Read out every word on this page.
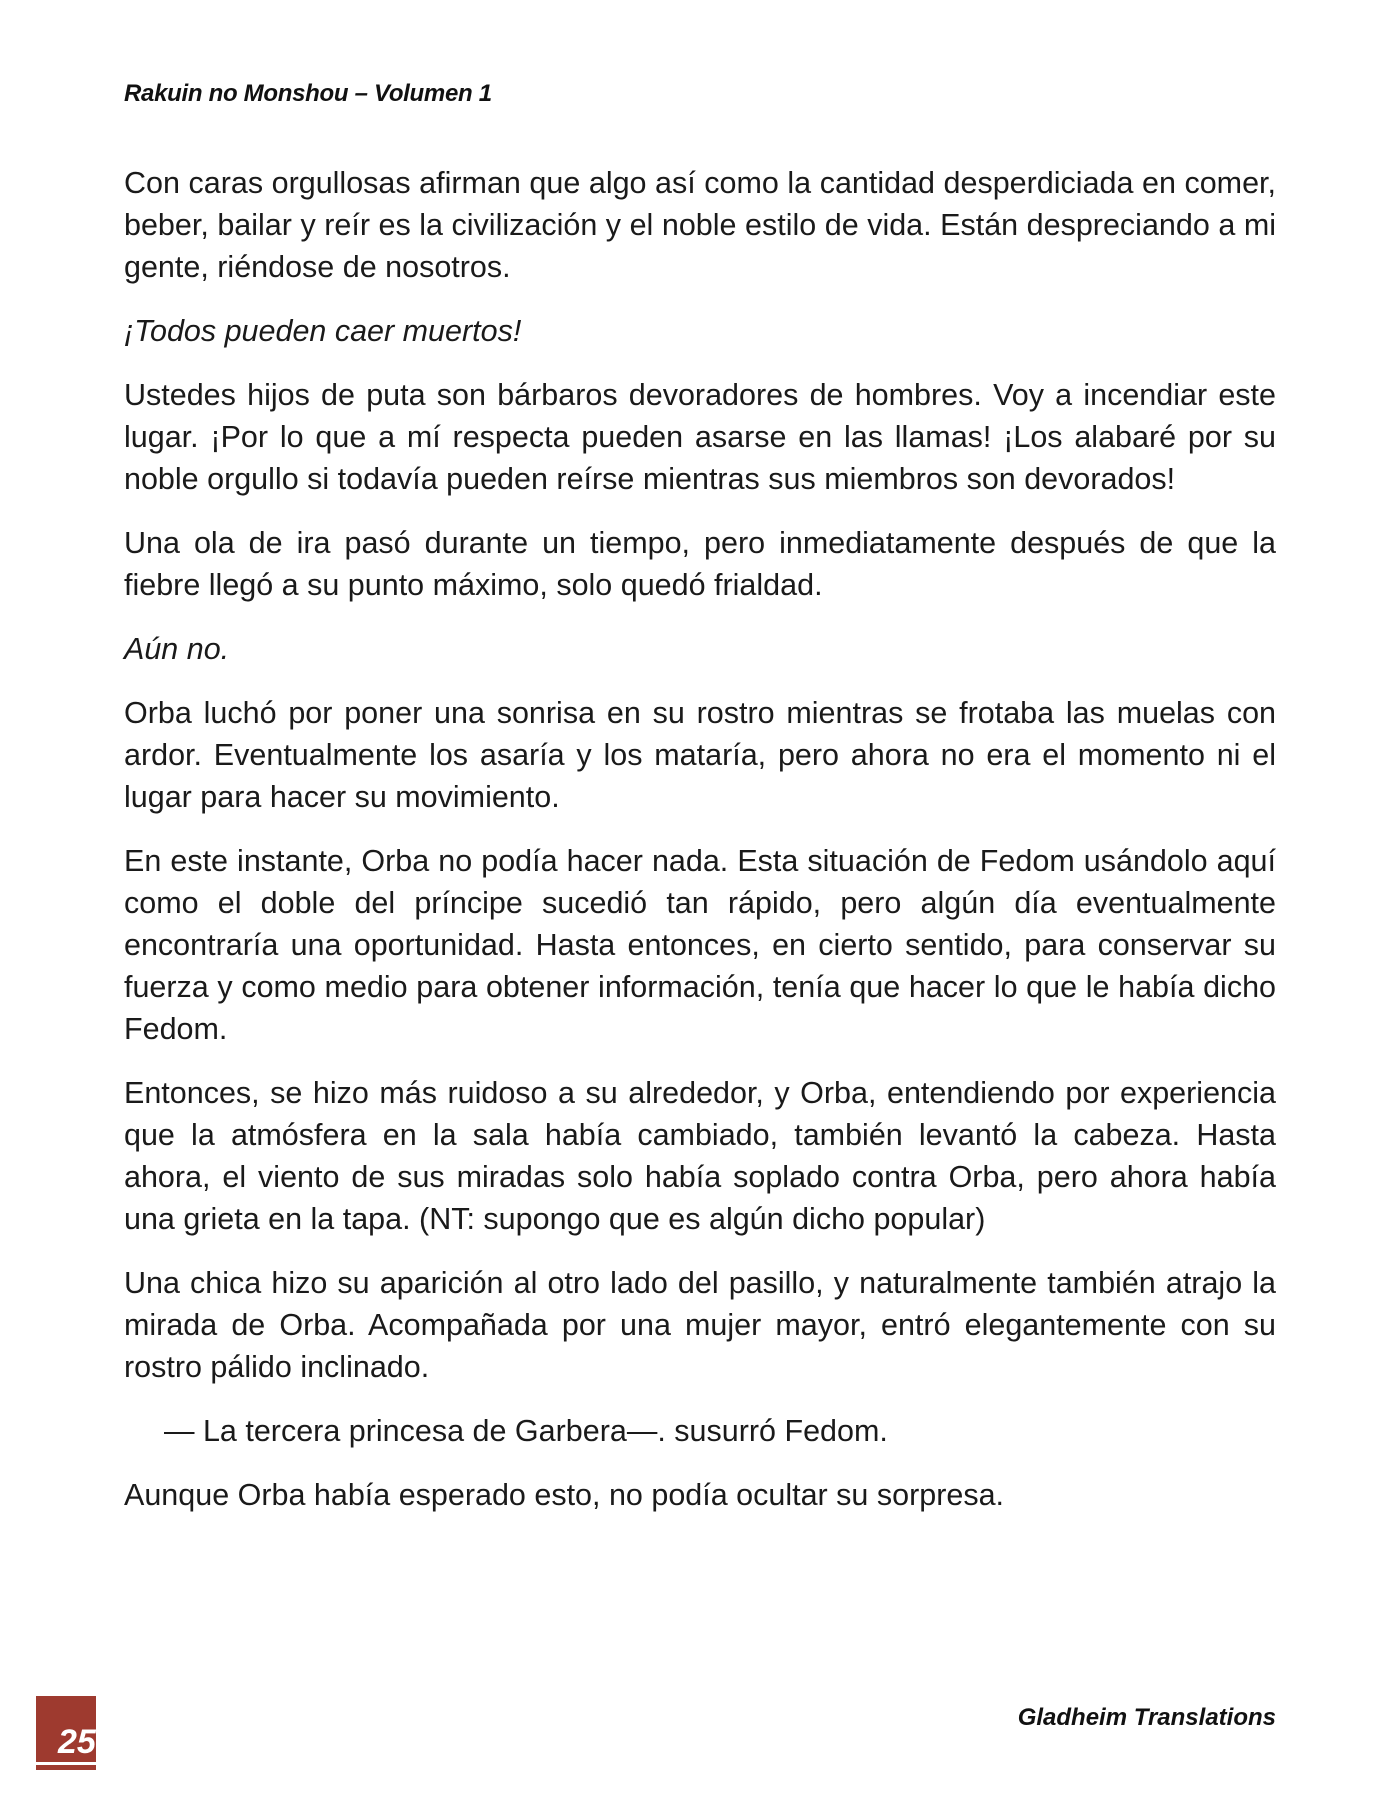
Rakuin no Monshou – Volumen 1

Con caras orgullosas afirman que algo así como la cantidad desperdiciada en comer, beber, bailar y reír es la civilización y el noble estilo de vida. Están despreciando a mi gente, riéndose de nosotros.

¡Todos pueden caer muertos!

Ustedes hijos de puta son bárbaros devoradores de hombres. Voy a incendiar este lugar. ¡Por lo que a mí respecta pueden asarse en las llamas! ¡Los alabaré por su noble orgullo si todavía pueden reírse mientras sus miembros son devorados!

Una ola de ira pasó durante un tiempo, pero inmediatamente después de que la fiebre llegó a su punto máximo, solo quedó frialdad.

Aún no.

Orba luchó por poner una sonrisa en su rostro mientras se frotaba las muelas con ardor. Eventualmente los asaría y los mataría, pero ahora no era el momento ni el lugar para hacer su movimiento.

En este instante, Orba no podía hacer nada. Esta situación de Fedom usándolo aquí como el doble del príncipe sucedió tan rápido, pero algún día eventualmente encontraría una oportunidad. Hasta entonces, en cierto sentido, para conservar su fuerza y como medio para obtener información, tenía que hacer lo que le había dicho Fedom.

Entonces, se hizo más ruidoso a su alrededor, y Orba, entendiendo por experiencia que la atmósfera en la sala había cambiado, también levantó la cabeza. Hasta ahora, el viento de sus miradas solo había soplado contra Orba, pero ahora había una grieta en la tapa. (NT: supongo que es algún dicho popular)

Una chica hizo su aparición al otro lado del pasillo, y naturalmente también atrajo la mirada de Orba. Acompañada por una mujer mayor, entró elegantemente con su rostro pálido inclinado.

— La tercera princesa de Garbera—. susurró Fedom.

Aunque Orba había esperado esto, no podía ocultar su sorpresa.

25
Gladheim Translations
